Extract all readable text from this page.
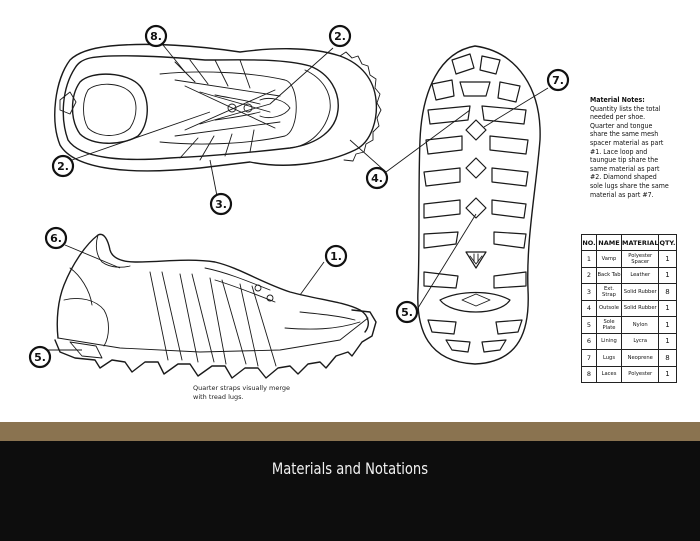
8.	2.
2.
3.
4.
7.
6.
1.
5.
5.
Material Notes:
Quantity lists the total needed per shoe. Quarter and tongue share the same mesh spacer material as part #1. Lace loop and taungue tip share the same material as part #2. Diamond shaped sole lugs share the same material as part #7.
NO.	NAME	MATERIAL	QTY.
1	Vamp	Polyester Spacer	1
2	Back Tab	Leather	1
3	Ext. Strap	Solid Rubber	8
4	Outsole	Solid Rubber	1
5	Sole Plate	Nylon	1
6	Lining	Lycra	1
7	Lugs	Neoprene	8
8	Laces	Polyester	1
Quarter straps visually merge with tread lugs.
Materials and Notations
